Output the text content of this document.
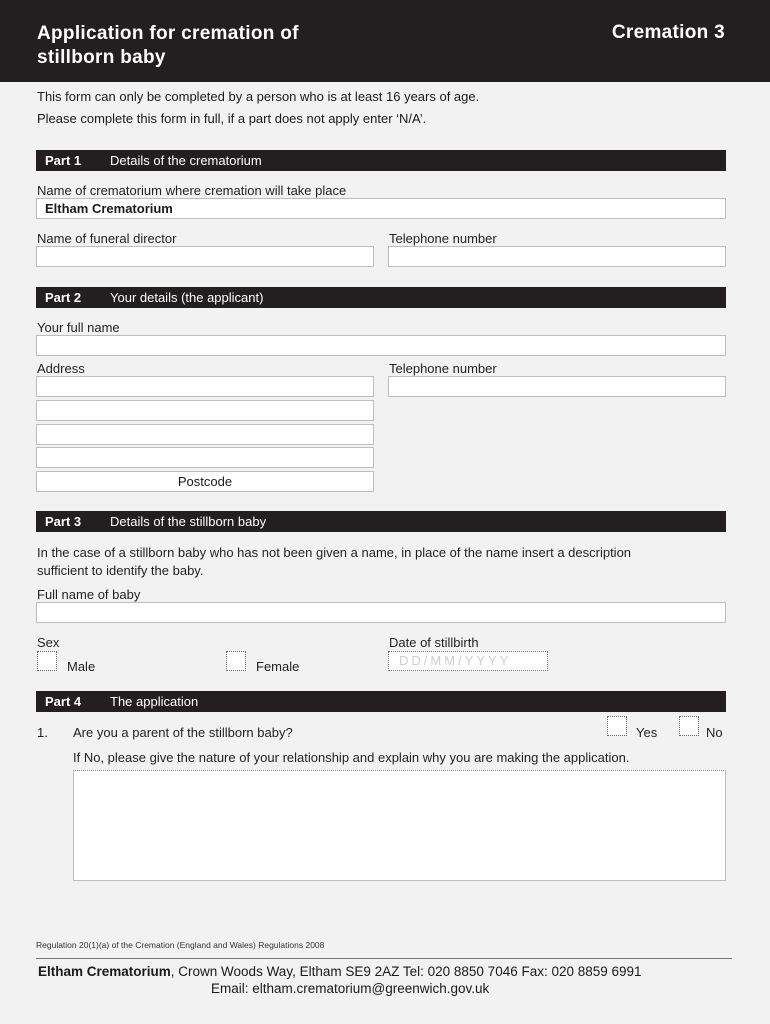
Application for cremation of
stillborn baby
Cremation 3
This form can only be completed by a person who is at least 16 years of age.
Please complete this form in full, if a part does not apply enter ‘N/A’.
Part 1 Details of the crematorium
Name of crematorium where cremation will take place
Eltham Crematorium
Name of funeral director	Telephone number
Part 2 Your details (the applicant)
Your full name
Address	Telephone number
Postcode
Part 3 Details of the stillborn baby
In the case of a stillborn baby who has not been given a name, in place of the name insert a description
sufficient to identify the baby.
Full name of baby
Sex	Date of stillbirth
Male	Female	DD/MM/YYYY
Part 4 The application
1. Are you a parent of the stillborn baby?	Yes	No
If No, please give the nature of your relationship and explain why you are making the application.
Regulation 20(1)(a) of the Cremation (England and Wales) Regulations 2008
Eltham Crematorium, Crown Woods Way, Eltham SE9 2AZ Tel: 020 8850 7046 Fax: 020 8859 6991
Email: eltham.crematorium@greenwich.gov.uk
